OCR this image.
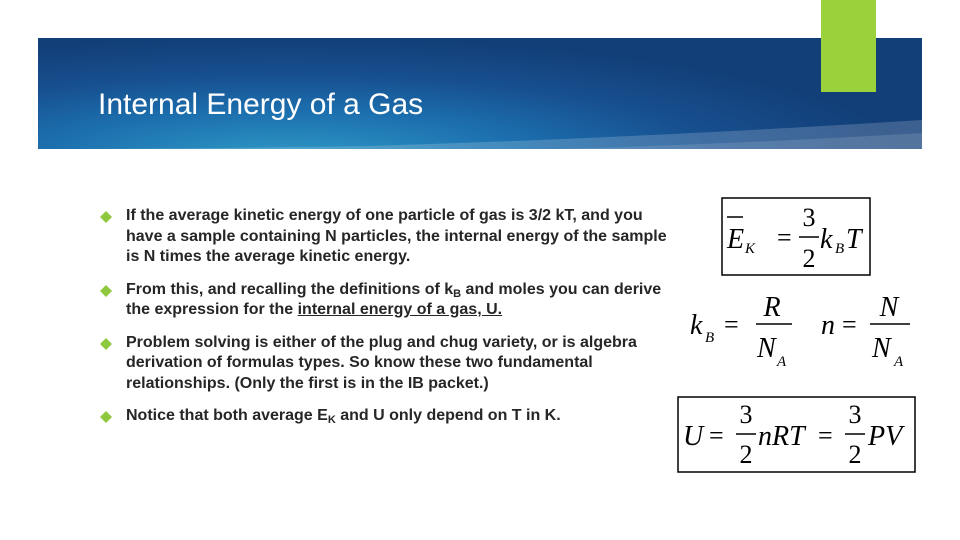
Internal Energy of a Gas
If the average kinetic energy of one particle of gas is 3/2 kT, and you have a sample containing N particles, the internal energy of the sample is N times the average kinetic energy.
From this, and recalling the definitions of $k_B$ and moles you can derive the expression for the internal energy of a gas, U.
Problem solving is either of the plug and chug variety, or is algebra derivation of formulas types. So know these two fundamental relationships. (Only the first is in the IB packet.)
Notice that both average $E_K$ and U only depend on T in K.
E K =
3
2
k B T
k B =
R
N A
n =
N
N A
U =
3
2
nRT =
3
2
PV
